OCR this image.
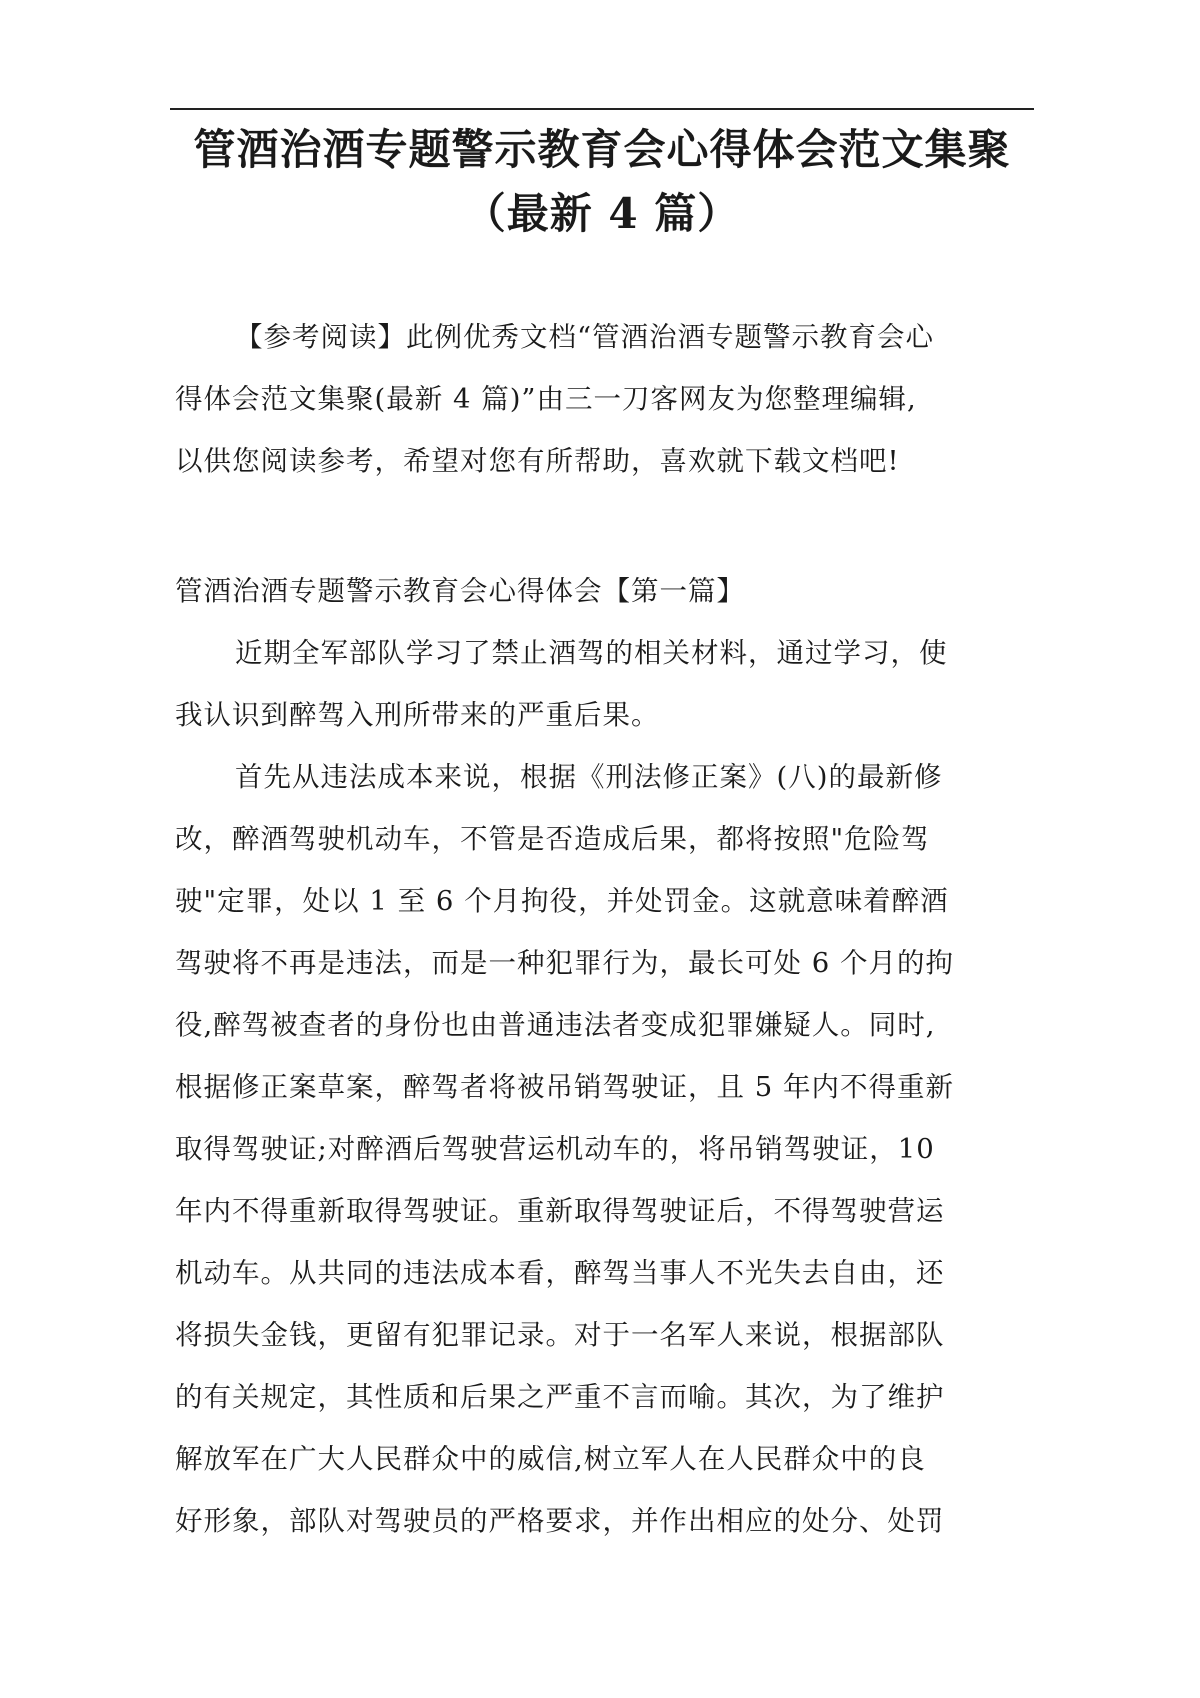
管酒治酒专题警示教育会心得体会范文集聚
（最新 4 篇）

【参考阅读】此例优秀文档“管酒治酒专题警示教育会心
得体会范文集聚(最新 4 篇)”由三一刀客网友为您整理编辑,
以供您阅读参考，希望对您有所帮助，喜欢就下载文档吧!

管酒治酒专题警示教育会心得体会【第一篇】

近期全军部队学习了禁止酒驾的相关材料，通过学习，使
我认识到醉驾入刑所带来的严重后果。

首先从违法成本来说，根据《刑法修正案》(八)的最新修
改，醉酒驾驶机动车，不管是否造成后果，都将按照"危险驾
驶"定罪，处以 1 至 6 个月拘役，并处罚金。这就意味着醉酒
驾驶将不再是违法，而是一种犯罪行为，最长可处 6 个月的拘
役,醉驾被查者的身份也由普通违法者变成犯罪嫌疑人。同时,
根据修正案草案，醉驾者将被吊销驾驶证，且 5 年内不得重新
取得驾驶证;对醉酒后驾驶营运机动车的，将吊销驾驶证，10
年内不得重新取得驾驶证。重新取得驾驶证后，不得驾驶营运
机动车。从共同的违法成本看，醉驾当事人不光失去自由，还
将损失金钱，更留有犯罪记录。对于一名军人来说，根据部队
的有关规定，其性质和后果之严重不言而喻。其次，为了维护
解放军在广大人民群众中的威信,树立军人在人民群众中的良
好形象，部队对驾驶员的严格要求，并作出相应的处分、处罚
